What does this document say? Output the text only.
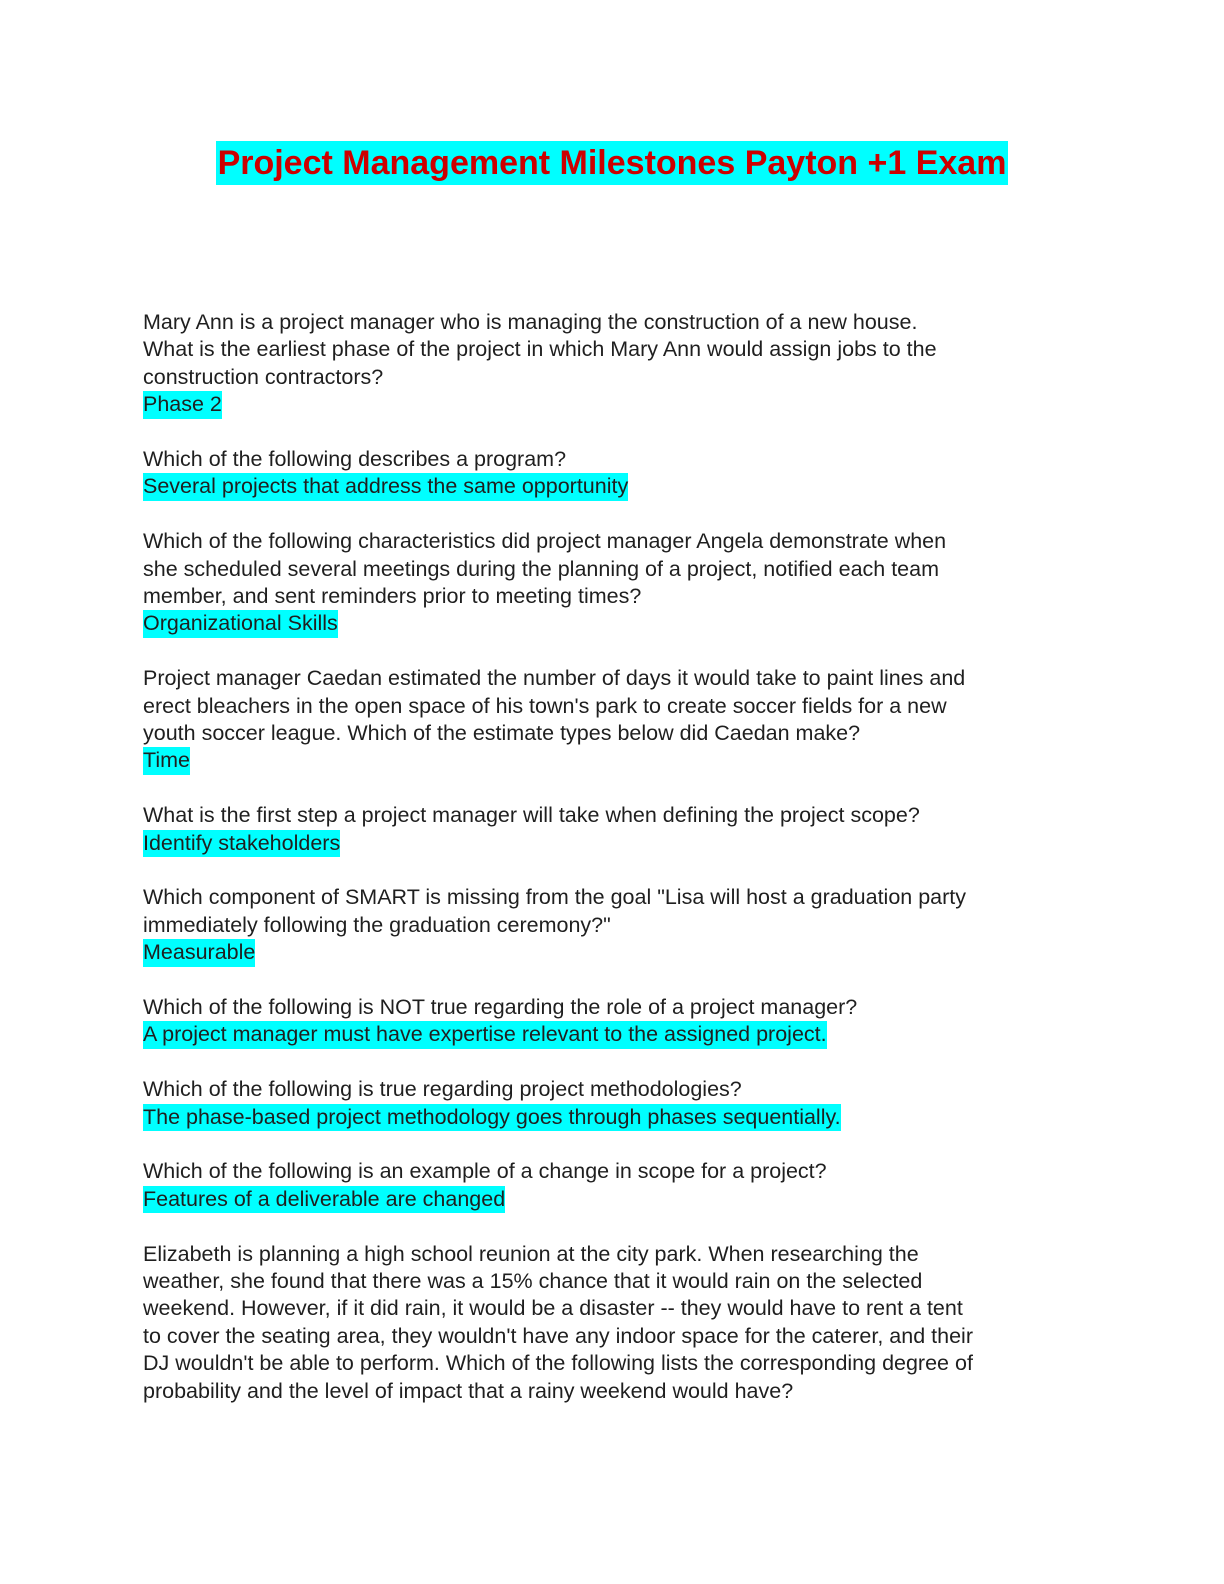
Project Management Milestones Payton +1 Exam

Mary Ann is a project manager who is managing the construction of a new house.
What is the earliest phase of the project in which Mary Ann would assign jobs to the
construction contractors?

Phase 2

Which of the following describes a program?

Several projects that address the same opportunity

Which of the following characteristics did project manager Angela demonstrate when
she scheduled several meetings during the planning of a project, notified each team
member, and sent reminders prior to meeting times?

Organizational Skills

Project manager Caedan estimated the number of days it would take to paint lines and
erect bleachers in the open space of his town's park to create soccer fields for a new
youth soccer league. Which of the estimate types below did Caedan make?

Time

What is the first step a project manager will take when defining the project scope?

Identify stakeholders

Which component of SMART is missing from the goal "Lisa will host a graduation party
immediately following the graduation ceremony?"

Measurable

Which of the following is NOT true regarding the role of a project manager?

A project manager must have expertise relevant to the assigned project.

Which of the following is true regarding project methodologies?

The phase-based project methodology goes through phases sequentially.

Which of the following is an example of a change in scope for a project?

Features of a deliverable are changed

Elizabeth is planning a high school reunion at the city park. When researching the
weather, she found that there was a 15% chance that it would rain on the selected
weekend. However, if it did rain, it would be a disaster -- they would have to rent a tent
to cover the seating area, they wouldn't have any indoor space for the caterer, and their
DJ wouldn't be able to perform. Which of the following lists the corresponding degree of
probability and the level of impact that a rainy weekend would have?
